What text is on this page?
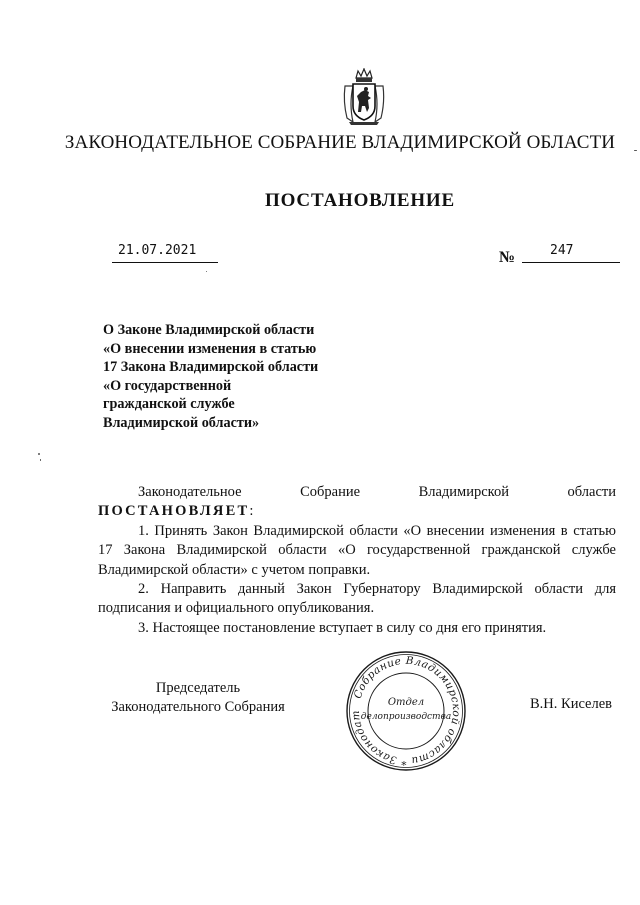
ЗАКОНОДАТЕЛЬНОЕ СОБРАНИЕ ВЛАДИМИРСКОЙ ОБЛАСТИ
ПОСТАНОВЛЕНИЕ
21.07.2021	№	247
О Законе Владимирской области
«О внесении изменения в статью
17 Закона Владимирской области
«О государственной
гражданской службе
Владимирской области»
Законодательное	Собрание	Владимирской	области
ПОСТАНОВЛЯЕТ:

1. Принять Закон Владимирской области «О внесении изменения в статью 17 Закона Владимирской области «О государственной гражданской службе Владимирской области» с учетом поправки.

2. Направить данный Закон Губернатору Владимирской области для подписания и официального опубликования.

3. Настоящее постановление вступает в силу со дня его принятия.

Председатель
Законодательного Собрания	В.Н. Киселев
Собрание Владимирской области * Законодат
Отдел
делопроизводства
